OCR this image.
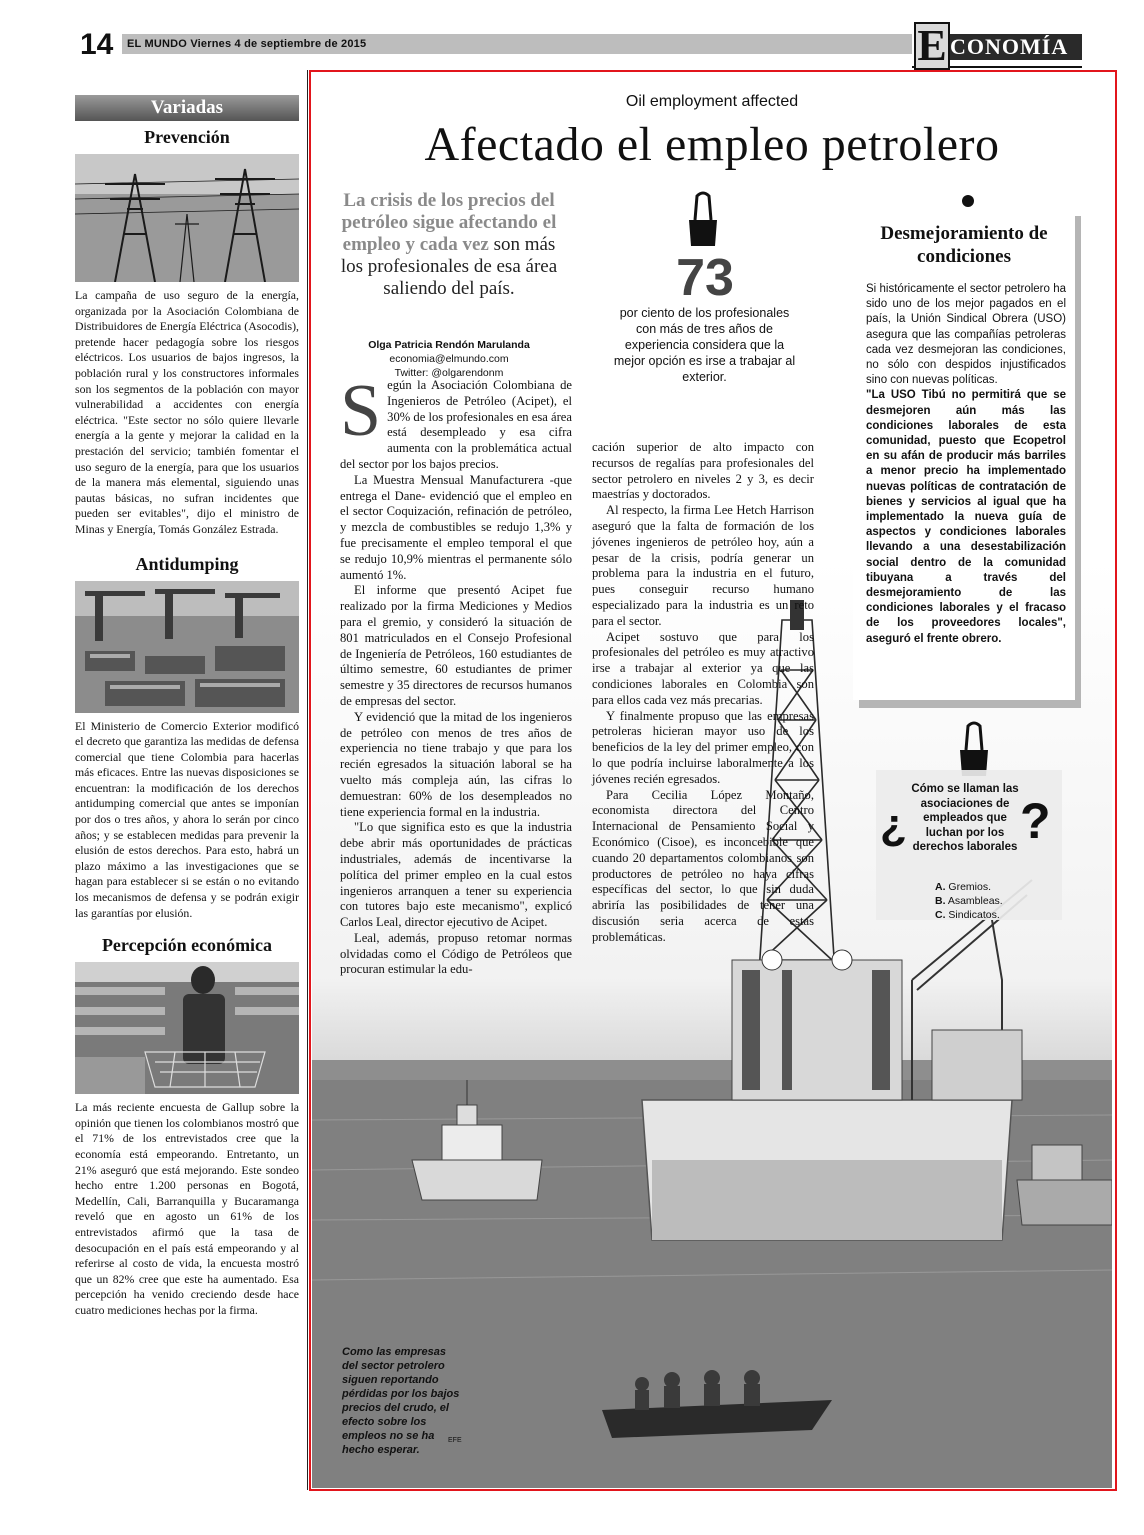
14 EL MUNDO Viernes 4 de septiembre de 2015	E CONOMÍA
Variadas
Prevención
La campaña de uso seguro de la energía, organizada por la Asociación Colombiana de Distribuidores de Energía Eléctrica (Asocodis), pretende hacer pedagogía sobre los riesgos eléctricos. Los usuarios de bajos ingresos, la población rural y los constructores informales son los segmentos de la población con mayor vulnerabilidad a accidentes con energía eléctrica. "Este sector no sólo quiere llevarle energía a la gente y mejorar la calidad en la prestación del servicio; también fomentar el uso seguro de la energía, para que los usuarios de la manera más elemental, siguiendo unas pautas básicas, no sufran incidentes que pueden ser evitables", dijo el ministro de Minas y Energía, Tomás González Estrada.
Antidumping
El Ministerio de Comercio Exterior modificó el decreto que garantiza las medidas de defensa comercial que tiene Colombia para hacerlas más eficaces. Entre las nuevas disposiciones se encuentran: la modificación de los derechos antidumping comercial que antes se imponían por dos o tres años, y ahora lo serán por cinco años; y se establecen medidas para prevenir la elusión de estos derechos. Para esto, habrá un plazo máximo a las investigaciones que se hagan para establecer si se están o no evitando los mecanismos de defensa y se podrán exigir las garantías por elusión.
Percepción económica
La más reciente encuesta de Gallup sobre la opinión que tienen los colombianos mostró que el 71% de los entrevistados cree que la economía está empeorando. Entretanto, un 21% aseguró que está mejorando. Este sondeo hecho entre 1.200 personas en Bogotá, Medellín, Cali, Barranquilla y Bucaramanga reveló que en agosto un 61% de los entrevistados afirmó que la tasa de desocupación en el país está empeorando y al referirse al costo de vida, la encuesta mostró que un 82% cree que este ha aumentado. Esa percepción ha venido creciendo desde hace cuatro mediciones hechas por la firma.
Oil employment affected
Afectado el empleo petrolero
La crisis de los precios del petróleo sigue afectando el empleo y cada vez son más los profesionales de esa área saliendo del país.
Olga Patricia Rendón Marulanda
economia@elmundo.com
Twitter: @olgarendonm
73
por ciento de los profesionales con más de tres años de experiencia considera que la mejor opción es irse a trabajar al exterior.
S egún la Asociación Colombiana de Ingenieros de Petróleo (Acipet), el 30% de los profesionales en esa área está desempleado y esa cifra aumenta con la problemática actual del sector por los bajos precios.

La Muestra Mensual Manufacturera -que entrega el Dane- evidenció que el empleo en el sector Coquización, refinación de petróleo, y mezcla de combustibles se redujo 1,3% y fue precisamente el empleo temporal el que se redujo 10,9% mientras el permanente sólo aumentó 1%.

El informe que presentó Acipet fue realizado por la firma Mediciones y Medios para el gremio, y consideró la situación de 801 matriculados en el Consejo Profesional de Ingeniería de Petróleos, 160 estudiantes de último semestre, 60 estudiantes de primer semestre y 35 directores de recursos humanos de empresas del sector.

Y evidenció que la mitad de los ingenieros de petróleo con menos de tres años de experiencia no tiene trabajo y que para los recién egresados la situación laboral se ha vuelto más compleja aún, las cifras lo demuestran: 60% de los desempleados no tiene experiencia formal en la industria.

"Lo que significa esto es que la industria debe abrir más oportunidades de prácticas industriales, además de incentivarse la política del primer empleo en la cual estos ingenieros arranquen a tener su experiencia con tutores bajo este mecanismo", explicó Carlos Leal, director ejecutivo de Acipet.

Leal, además, propuso retomar normas olvidadas como el Código de Petróleos que procuran estimular la edu-

cación superior de alto impacto con recursos de regalías para profesionales del sector petrolero en niveles 2 y 3, es decir maestrías y doctorados.

Al respecto, la firma Lee Hetch Harrison aseguró que la falta de formación de los jóvenes ingenieros de petróleo hoy, aún a pesar de la crisis, podría generar un problema para la industria en el futuro, pues conseguir recurso humano especializado para la industria es un reto para el sector.

Acipet sostuvo que para los profesionales del petróleo es muy atractivo irse a trabajar al exterior ya que las condiciones laborales en Colombia son para ellos cada vez más precarias.

Y finalmente propuso que las empresas petroleras hicieran mayor uso de los beneficios de la ley del primer empleo, con lo que podría incluirse laboralmente a los jóvenes recién egresados.

Para Cecilia López Montaño, economista directora del Centro Internacional de Pensamiento Social y Económico (Cisoe), es inconcebible que cuando 20 departamentos colombianos son productores de petróleo no haya cifras específicas del sector, lo que sin duda abriría las posibilidades de tener una discusión seria acerca de estas problemáticas.

Desmejoramiento de condiciones

Si históricamente el sector petrolero ha sido uno de los mejor pagados en el país, la Unión Sindical Obrera (USO) asegura que las compañías petroleras cada vez desmejoran las condiciones, no sólo con despidos injustificados sino con nuevas políticas.

"La USO Tibú no permitirá que se desmejoren aún más las condiciones laborales de esta comunidad, puesto que Ecopetrol en su afán de producir más barriles a menor precio ha implementado nuevas políticas de contratación de bienes y servicios al igual que ha implementado la nueva guía de aspectos y condiciones laborales llevando a una desestabilización social dentro de la comunidad tibuyana a través del desmejoramiento de las condiciones laborales y el fracaso de los proveedores locales", aseguró el frente obrero.

¿ ?
Cómo se llaman las asociaciones de empleados que luchan por los derechos laborales
A. Gremios.
B. Asambleas.
C. Sindicatos.
Como las empresas del sector petrolero siguen reportando pérdidas por los bajos precios del crudo, el efecto sobre los empleos no se ha hecho esperar.
EFE
